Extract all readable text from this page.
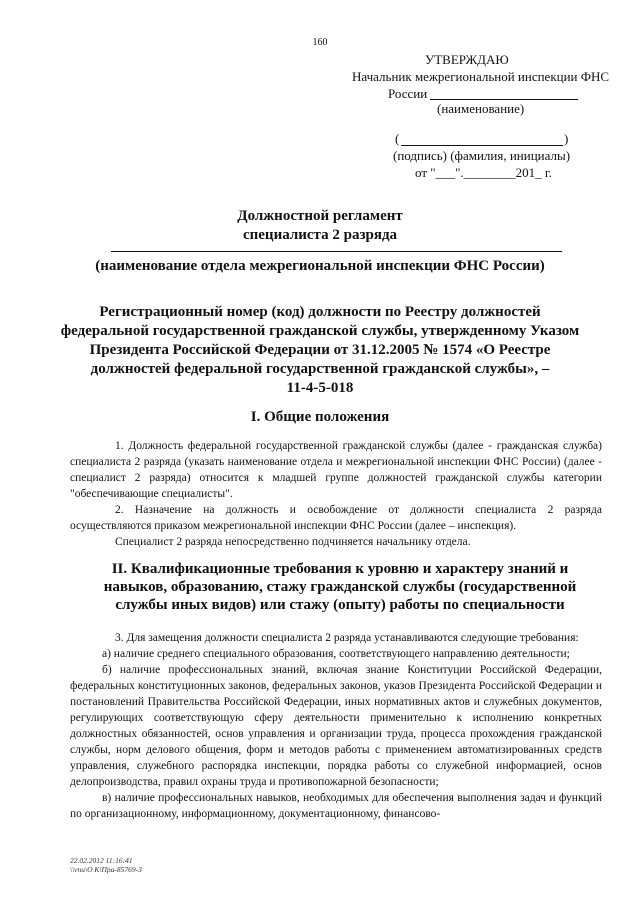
160
УТВЕРЖДАЮ
Начальник межрегиональной инспекции ФНС
России
(наименование)
(	)
(подпись) (фамилия, инициалы)
от "___".________201_ г.
Должностной регламент
специалиста 2 разряда
(наименование отдела межрегиональной инспекции ФНС России)
Регистрационный номер (код) должности по Реестру должностей
федеральной государственной гражданской службы, утвержденному Указом
Президента Российской Федерации от 31.12.2005 № 1574 «О Реестре
должностей федеральной государственной гражданской службы», –
11-4-5-018
I. Общие положения

1. Должность федеральной государственной гражданской службы (далее - гражданская служба) специалиста 2 разряда (указать наименование отдела и межрегиональной инспекции ФНС России) (далее - специалист 2 разряда) относится к младшей группе должностей гражданской службы категории "обеспечивающие специалисты".

2. Назначение на должность и освобождение от должности специалиста 2 разряда осуществляются приказом межрегиональной инспекции ФНС России (далее – инспекция).

Специалист 2 разряда непосредственно подчиняется начальнику отдела.

II. Квалификационные требования к уровню и характеру знаний и навыков, образованию, стажу гражданской службы (государственной службы иных видов) или стажу (опыту) работы по специальности

3. Для замещения должности специалиста 2 разряда устанавливаются следующие требования:

а) наличие среднего специального образования, соответствующего направлению деятельности;

б) наличие профессиональных знаний, включая знание Конституции Российской Федерации, федеральных конституционных законов, федеральных законов, указов Президента Российской Федерации и постановлений Правительства Российской Федерации, иных нормативных актов и служебных документов, регулирующих соответствующую сферу деятельности применительно к исполнению конкретных должностных обязанностей, основ управления и организации труда, процесса прохождения гражданской службы, норм делового общения, форм и методов работы с применением автоматизированных средств управления, служебного распорядка инспекции, порядка работы со служебной информацией, основ делопроизводства, правил охраны труда и противопожарной безопасности;

в) наличие профессиональных навыков, необходимых для обеспечения выполнения задач и функций по организационному, информационному, документационному, финансово-

22.02.2012 11:16:41
\\vnu\O K\Пра-85769-3
